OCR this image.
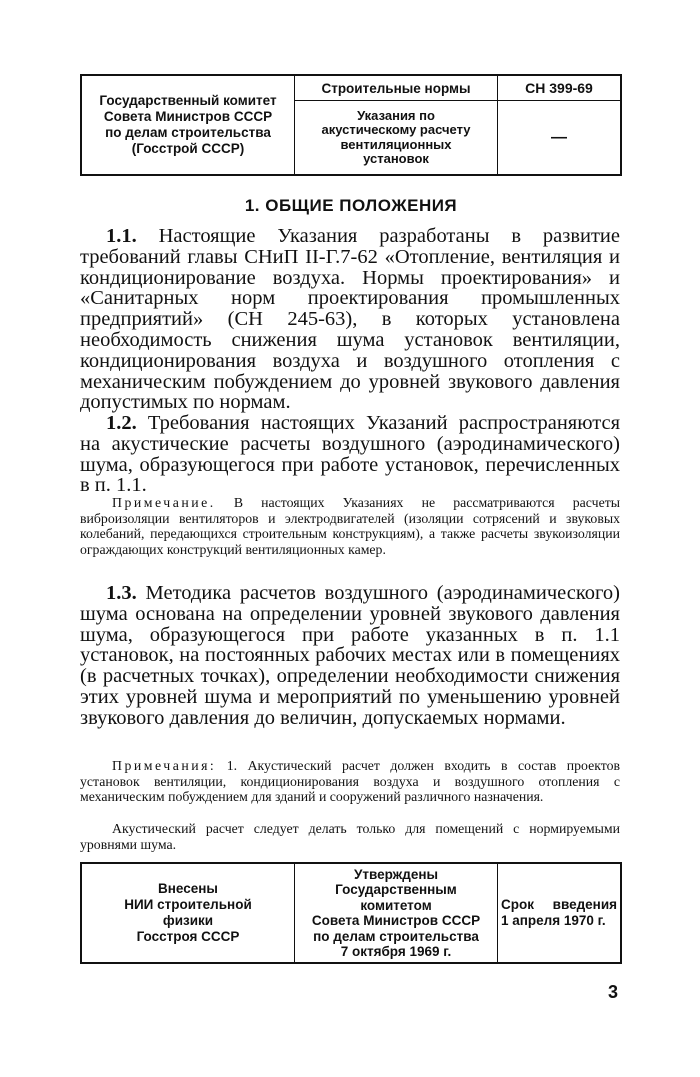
Государственный комитет
Совета Министров СССР
по делам строительства
(Госстрой СССР)
Строительные нормы
Указания по
акустическому расчету
вентиляционных
установок
СН 399-69
—
1. ОБЩИЕ ПОЛОЖЕНИЯ

1.1. Настоящие Указания разработаны в развитие требований главы СНиП II-Г.7-62 «Отопление, вентиляция и кондиционирование воздуха. Нормы проектирования» и «Санитарных норм проектирования промышленных предприятий» (СН 245-63), в которых установлена необходимость снижения шума установок вентиляции, кондиционирования воздуха и воздушного отопления с механическим побуждением до уровней звукового давления допустимых по нормам.

1.2. Требования настоящих Указаний распространяются на акустические расчеты воздушного (аэродинамического) шума, образующегося при работе установок, перечисленных в п. 1.1.

Примечание. В настоящих Указаниях не рассматриваются расчеты виброизоляции вентиляторов и электродвигателей (изоляции сотрясений и звуковых колебаний, передающихся строительным конструкциям), а также расчеты звукоизоляции ограждающих конструкций вентиляционных камер.

1.3. Методика расчетов воздушного (аэродинамического) шума основана на определении уровней звукового давления шума, образующегося при работе указанных в п. 1.1 установок, на постоянных рабочих местах или в помещениях (в расчетных точках), определении необходимости снижения этих уровней шума и мероприятий по уменьшению уровней звукового давления до величин, допускаемых нормами.

Примечания: 1. Акустический расчет должен входить в состав проектов установок вентиляции, кондиционирования воздуха и воздушного отопления с механическим побуждением для зданий и сооружений различного назначения.

Акустический расчет следует делать только для помещений с нормируемыми уровнями шума.

Внесены
НИИ строительной
физики
Госстроя СССР
Утверждены
Государственным
комитетом
Совета Министров СССР
по делам строительства
7 октября 1969 г.
Срок введения
1 апреля 1970 г.
3
